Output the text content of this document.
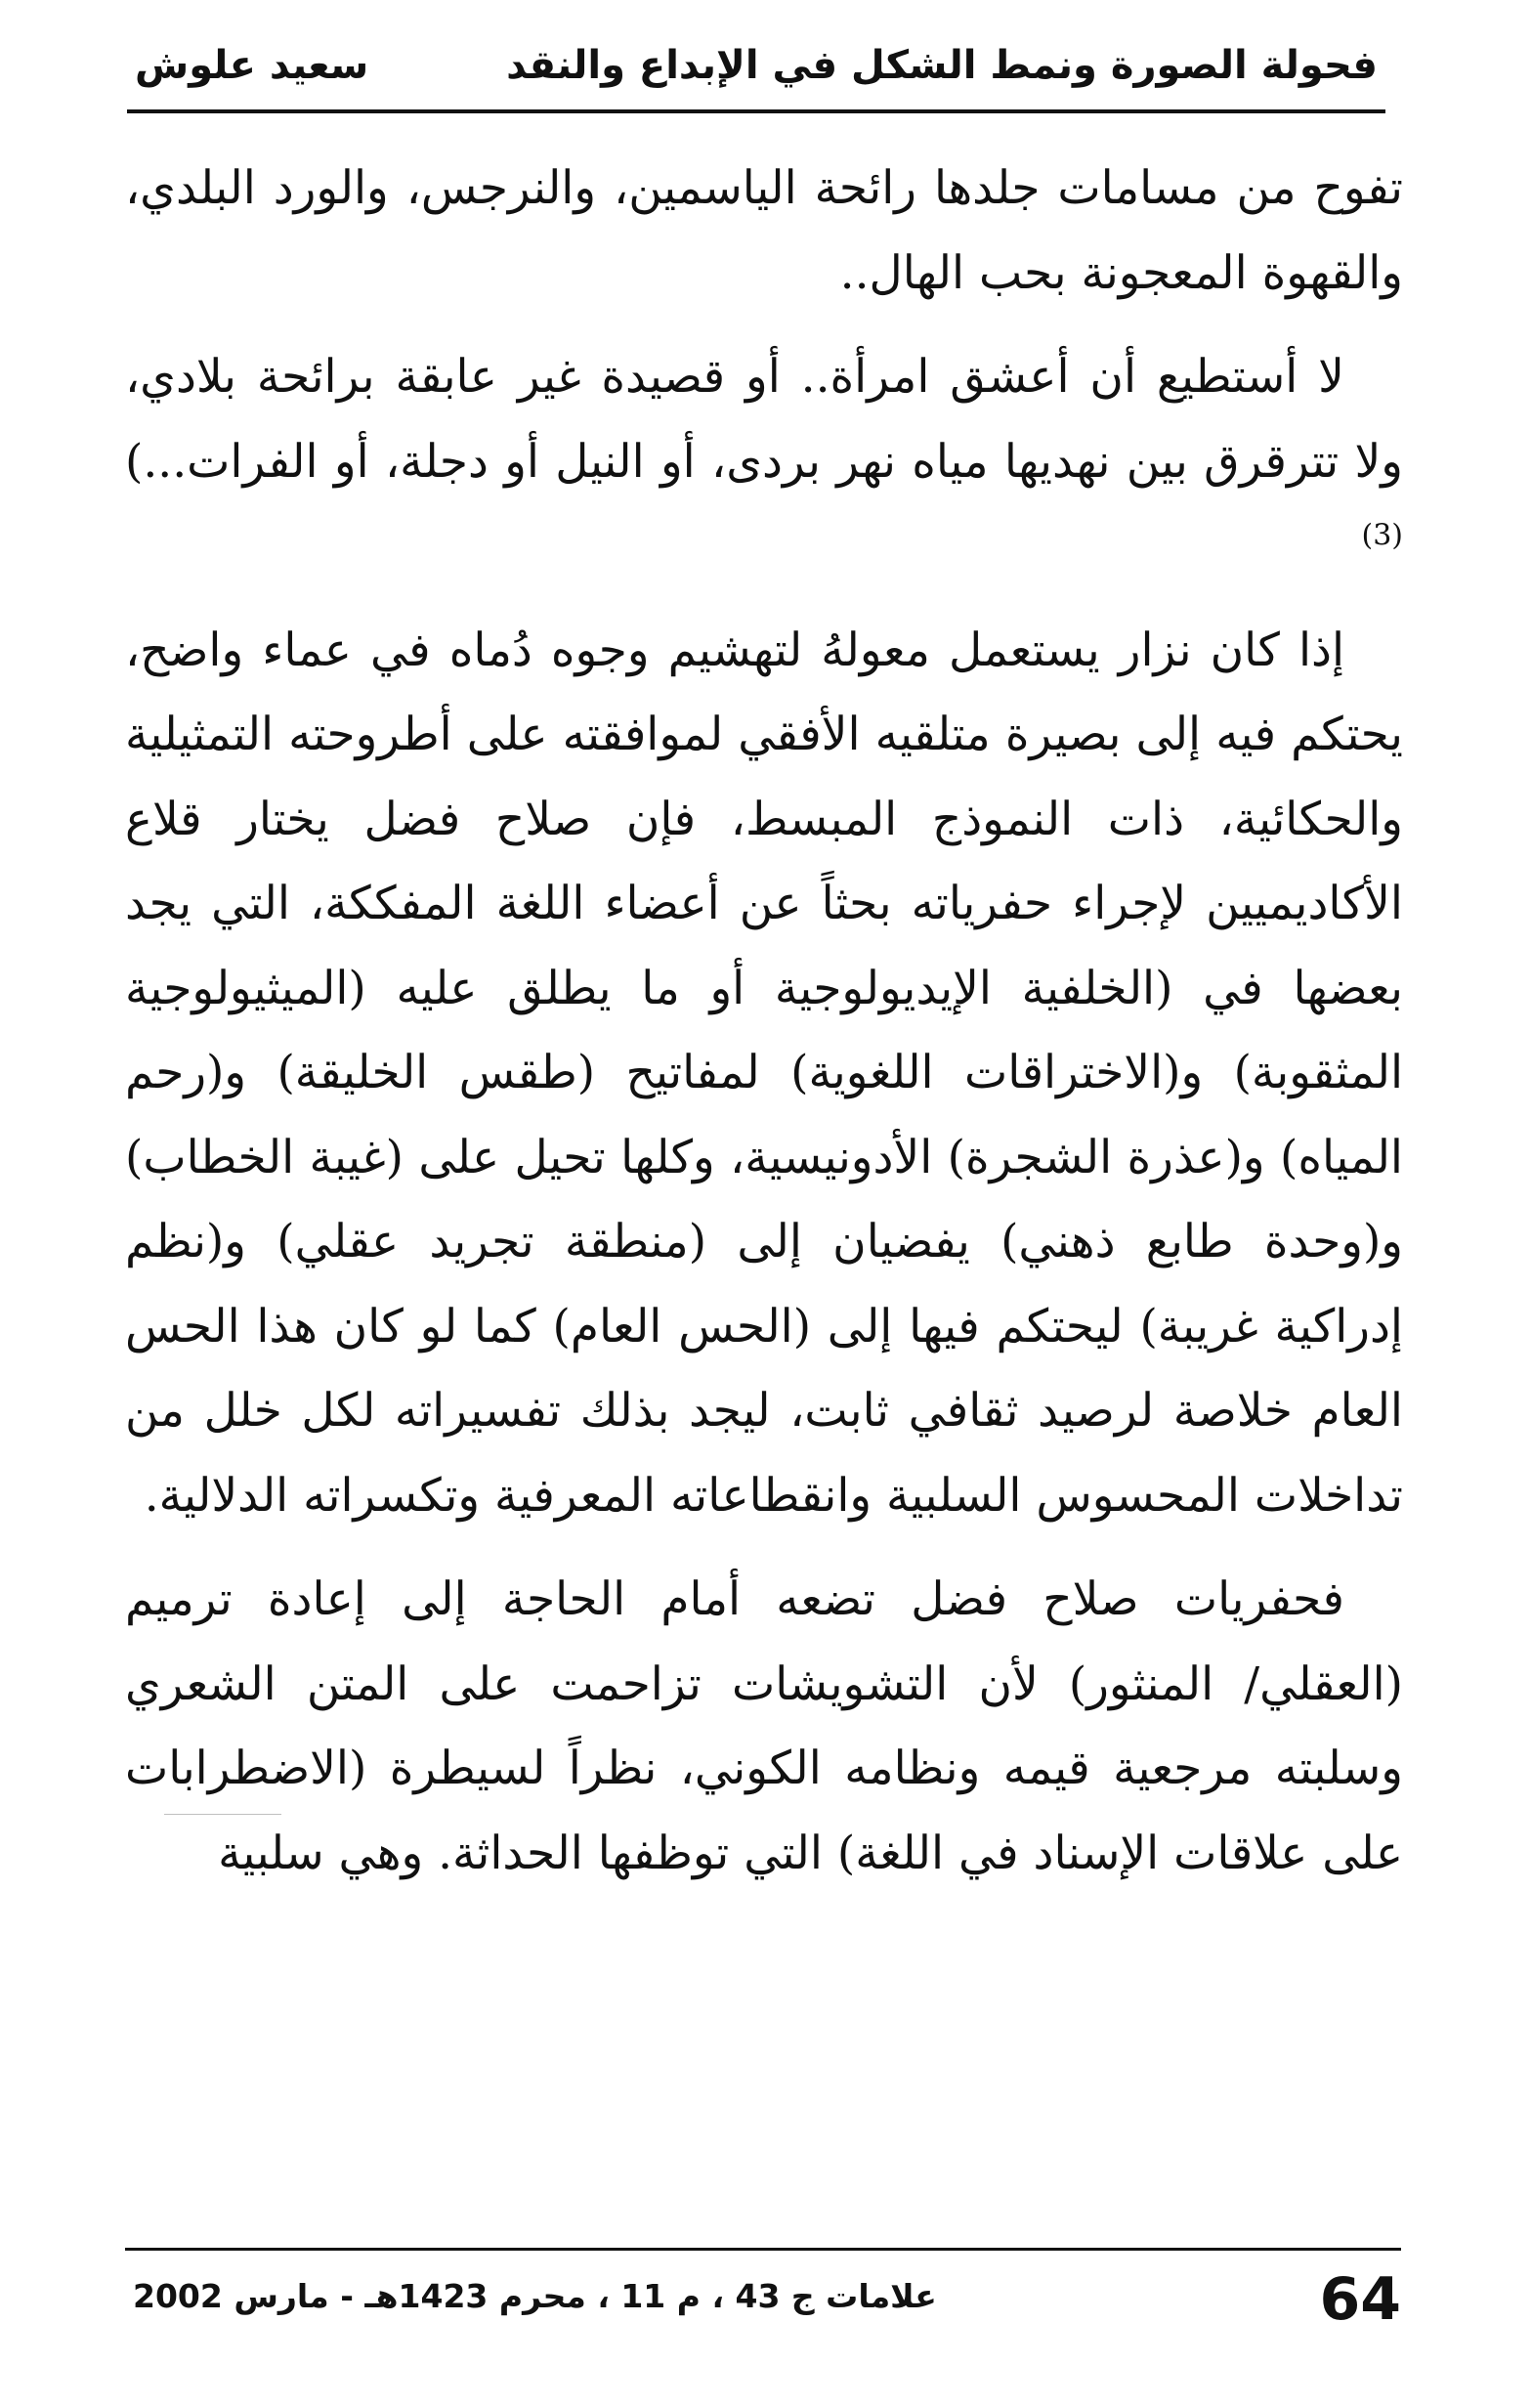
فحولة الصورة ونمط الشكل في الإبداع والنقد
سعيد علوش

تفوح من مسامات جلدها رائحة الياسمين، والنرجس، والورد البلدي، والقهوة المعجونة بحب الهال..

لا أستطيع أن أعشق امرأة.. أو قصيدة غير عابقة برائحة بلادي، ولا تترقرق بين نهديها مياه نهر بردى، أو النيل أو دجلة، أو الفرات...)$^{(3)}$

إذا كان نزار يستعمل معولهُ لتهشيم وجوه دُماه في عماء واضح، يحتكم فيه إلى بصيرة متلقيه الأفقي لموافقته على أطروحته التمثيلية والحكائية، ذات النموذج المبسط، فإن صلاح فضل يختار قلاع الأكاديميين لإجراء حفرياته بحثاً عن أعضاء اللغة المفككة، التي يجد بعضها في (الخلفية الإيديولوجية أو ما يطلق عليه (الميثيولوجية المثقوبة) و(الاختراقات اللغوية) لمفاتيح (طقس الخليقة) و(رحم المياه) و(عذرة الشجرة) الأدونيسية، وكلها تحيل على (غيبة الخطاب) و(وحدة طابع ذهني) يفضيان إلى (منطقة تجريد عقلي) و(نظم إدراكية غريبة) ليحتكم فيها إلى (الحس العام) كما لو كان هذا الحس العام خلاصة لرصيد ثقافي ثابت، ليجد بذلك تفسيراته لكل خلل من تداخلات المحسوس السلبية وانقطاعاته المعرفية وتكسراته الدلالية.

فحفريات صلاح فضل تضعه أمام الحاجة إلى إعادة ترميم (العقلي/ المنثور) لأن التشويشات تزاحمت على المتن الشعري وسلبته مرجعية قيمه ونظامه الكوني، نظراً لسيطرة (الاضطرابات على علاقات الإسناد في اللغة) التي توظفها الحداثة. وهي سلبية

64
علامات ج 43 ، م 11 ، محرم 1423هـ - مارس 2002
